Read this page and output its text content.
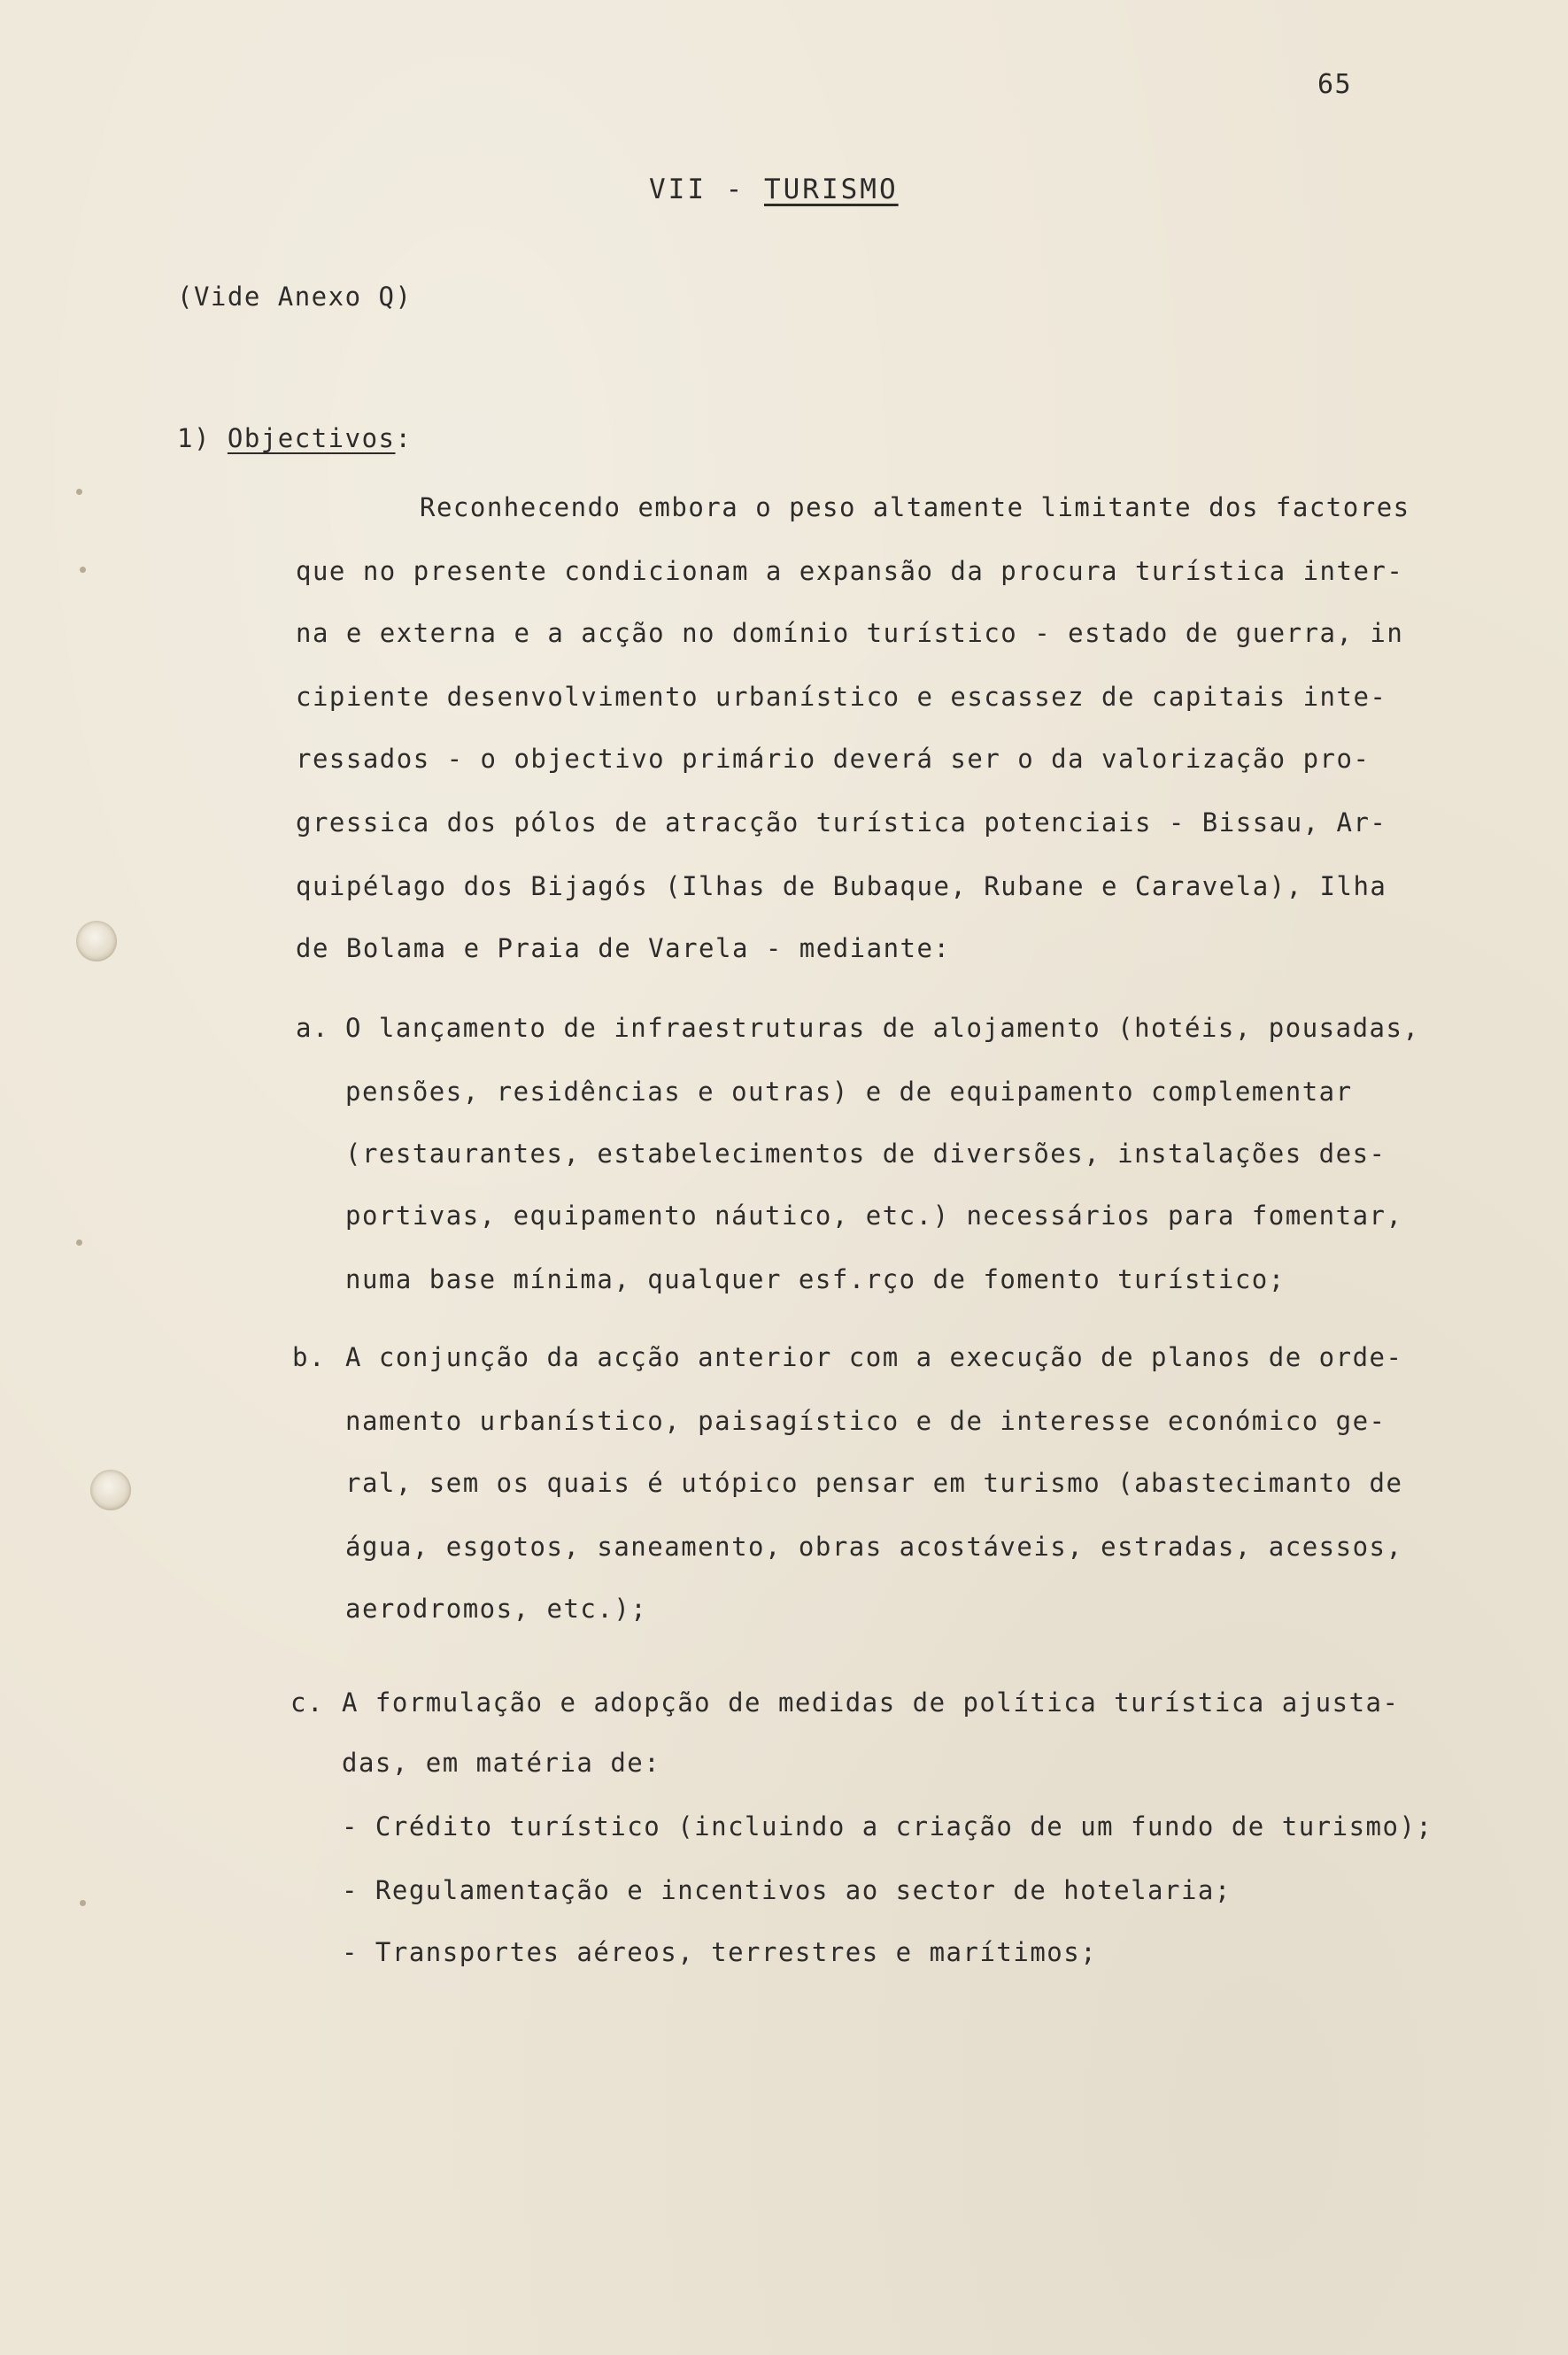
65
VII - TURISMO
(Vide Anexo Q)
1) Objectivos:
Reconhecendo embora o peso altamente limitante dos factores
que no presente condicionam a expansão da procura turística inter-
na e externa e a acção no domínio turístico - estado de guerra, in
cipiente desenvolvimento urbanístico e escassez de capitais inte-
ressados - o objectivo primário deverá ser o da valorização pro-
gressica dos pólos de atracção turística potenciais - Bissau, Ar-
quipélago dos Bijagós (Ilhas de Bubaque, Rubane e Caravela), Ilha
de Bolama e Praia de Varela - mediante:
a. O lançamento de infraestruturas de alojamento (hotéis, pousadas,
pensões, residências e outras) e de equipamento complementar
(restaurantes, estabelecimentos de diversões, instalações des-
portivas, equipamento náutico, etc.) necessários para fomentar,
numa base mínima, qualquer esf.rço de fomento turístico;
b. A conjunção da acção anterior com a execução de planos de orde-
namento urbanístico, paisagístico e de interesse económico ge-
ral, sem os quais é utópico pensar em turismo (abastecimanto de
água, esgotos, saneamento, obras acostáveis, estradas, acessos,
aerodromos, etc.);
c. A formulação e adopção de medidas de política turística ajusta-
das, em matéria de:
- Crédito turístico (incluindo a criação de um fundo de turismo);
- Regulamentação e incentivos ao sector de hotelaria;
- Transportes aéreos, terrestres e marítimos;
